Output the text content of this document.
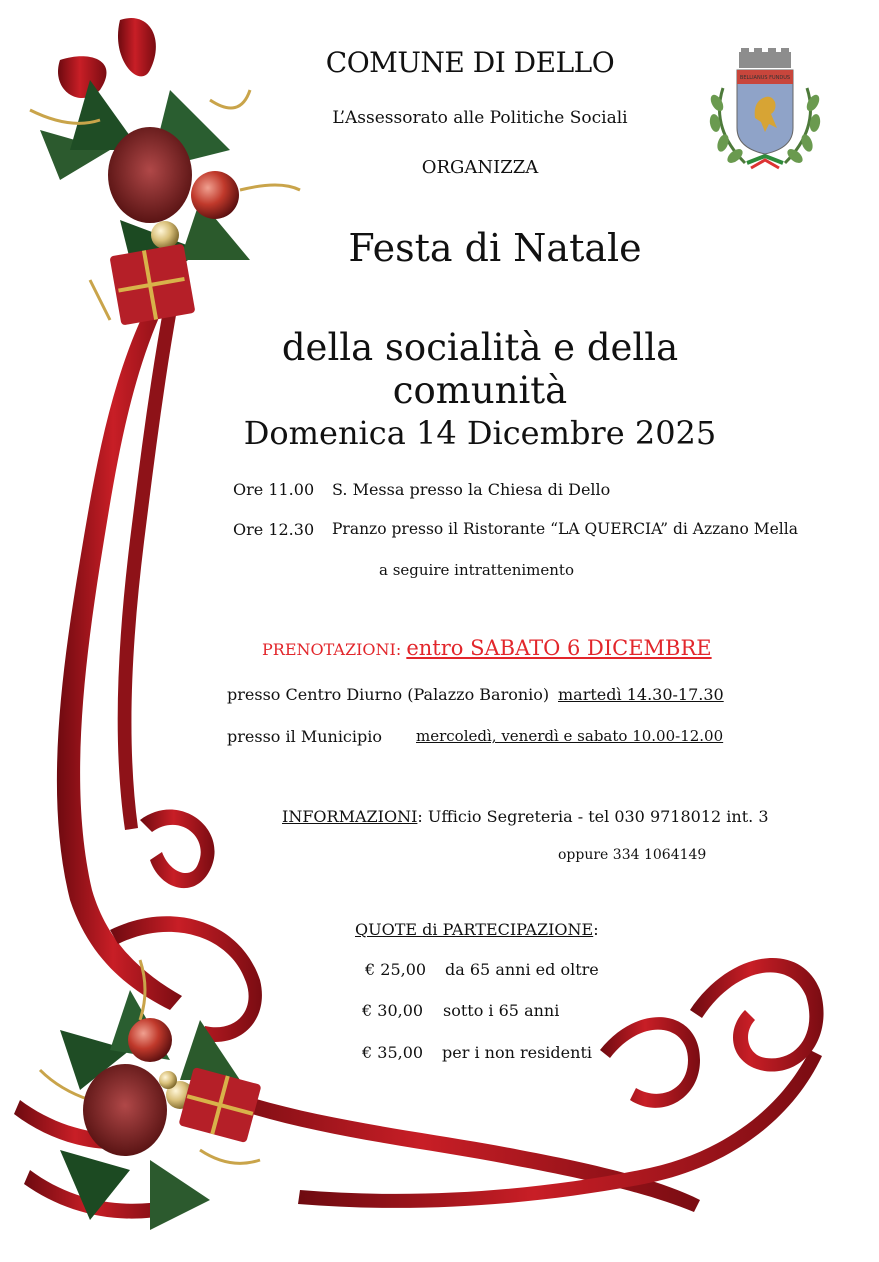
BELLIANUS FUNDUS
COMUNE DI DELLO
L’Assessorato alle Politiche Sociali
ORGANIZZA
Festa di Natale
della socialità e della comunità
Domenica 14 Dicembre 2025
Ore 11.00 S. Messa presso la Chiesa di Dello
Ore 12.30 Pranzo presso il Ristorante “LA QUERCIA” di Azzano Mella
a seguire intrattenimento
PRENOTAZIONI: entro SABATO 6 DICEMBRE
presso Centro Diurno (Palazzo Baronio) martedì 14.30-17.30
presso il Municipio mercoledì, venerdì e sabato 10.00-12.00
INFORMAZIONI: Ufficio Segreteria - tel 030 9718012 int. 3
oppure 334 1064149
QUOTE di PARTECIPAZIONE:
€ 25,00 da 65 anni ed oltre
€ 30,00 sotto i 65 anni
€ 35,00 per i non residenti
